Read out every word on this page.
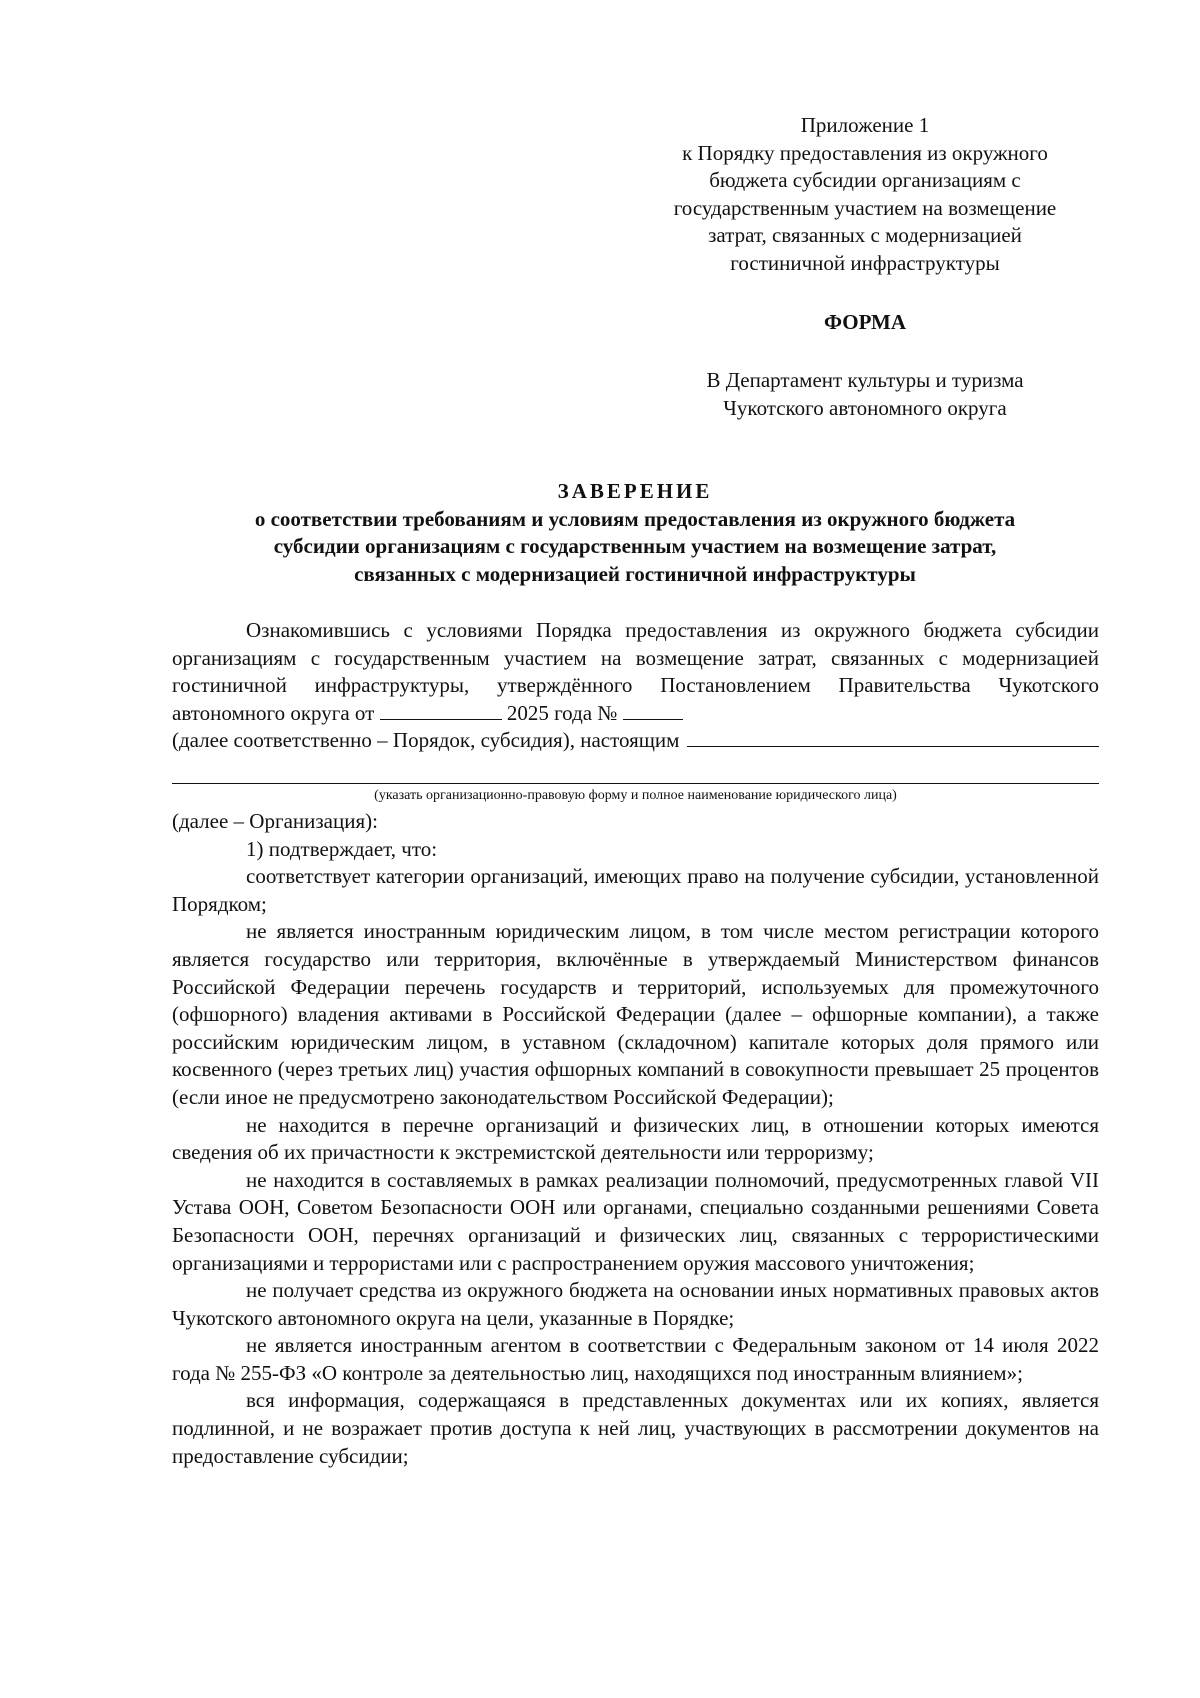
Приложение 1
к Порядку предоставления из окружного
бюджета субсидии организациям с
государственным участием на возмещение
затрат, связанных с модернизацией
гостиничной инфраструктуры
ФОРМА
В Департамент культуры и туризма
Чукотского автономного округа
ЗАВЕРЕНИЕ
о соответствии требованиям и условиям предоставления из окружного бюджета
субсидии организациям с государственным участием на возмещение затрат,
связанных с модернизацией гостиничной инфраструктуры

Ознакомившись с условиями Порядка предоставления из окружного бюджета субсидии организациям с государственным участием на возмещение затрат, связанных с модернизацией гостиничной инфраструктуры, утверждённого Постановлением Правительства Чукотского автономного округа от	2025 года №

(далее соответственно – Порядок, субсидия), настоящим
(указать организационно-правовую форму и полное наименование юридического лица)

(далее – Организация):

1) подтверждает, что:

соответствует категории организаций, имеющих право на получение субсидии, установленной Порядком;

не является иностранным юридическим лицом, в том числе местом регистрации которого является государство или территория, включённые в утверждаемый Министерством финансов Российской Федерации перечень государств и территорий, используемых для промежуточного (офшорного) владения активами в Российской Федерации (далее – офшорные компании), а также российским юридическим лицом, в уставном (складочном) капитале которых доля прямого или косвенного (через третьих лиц) участия офшорных компаний в совокупности превышает 25 процентов (если иное не предусмотрено законодательством Российской Федерации);

не находится в перечне организаций и физических лиц, в отношении которых имеются сведения об их причастности к экстремистской деятельности или терроризму;

не находится в составляемых в рамках реализации полномочий, предусмотренных главой VII Устава ООН, Советом Безопасности ООН или органами, специально созданными решениями Совета Безопасности ООН, перечнях организаций и физических лиц, связанных с террористическими организациями и террористами или с распространением оружия массового уничтожения;

не получает средства из окружного бюджета на основании иных нормативных правовых актов Чукотского автономного округа на цели, указанные в Порядке;

не является иностранным агентом в соответствии с Федеральным законом от 14 июля 2022 года № 255-ФЗ «О контроле за деятельностью лиц, находящихся под иностранным влиянием»;

вся информация, содержащаяся в представленных документах или их копиях, является подлинной, и не возражает против доступа к ней лиц, участвующих в рассмотрении документов на предоставление субсидии;
